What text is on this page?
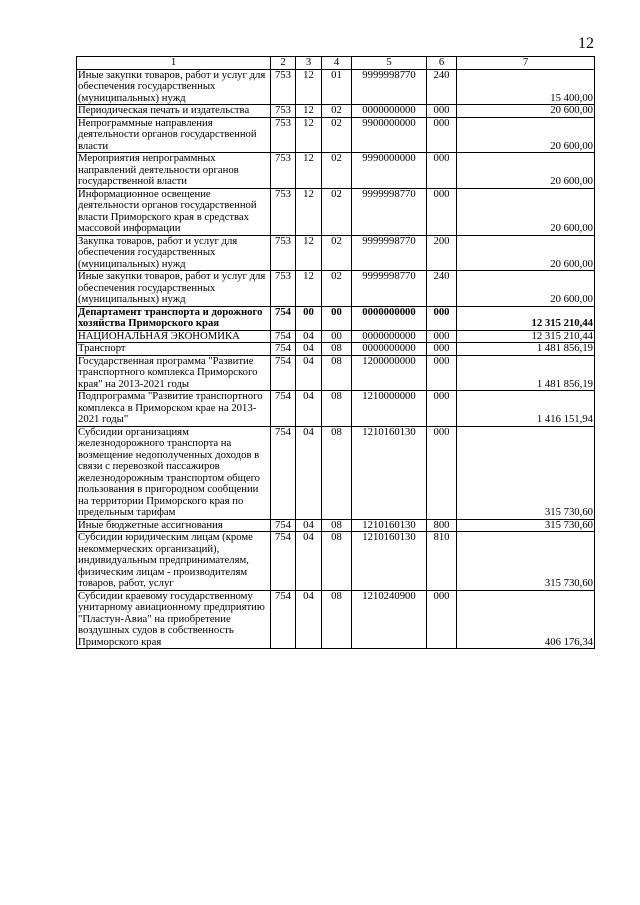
12
1	2	3	4	5	6	7
Иные закупки товаров, работ и услуг для обеспечения государственных (муниципальных) нужд	753	12	01	9999998770	240	15 400,00
Периодическая печать и издательства	753	12	02	0000000000	000	20 600,00
Непрограммные направления деятельности органов государственной власти	753	12	02	9900000000	000	20 600,00
Мероприятия непрограммных направлений деятельности органов государственной власти	753	12	02	9990000000	000	20 600,00
Информационное освещение деятельности органов государственной власти Приморского края в средствах массовой информации	753	12	02	9999998770	000	20 600,00
Закупка товаров, работ и услуг для обеспечения государственных (муниципальных) нужд	753	12	02	9999998770	200	20 600,00
Иные закупки товаров, работ и услуг для обеспечения государственных (муниципальных) нужд	753	12	02	9999998770	240	20 600,00
Департамент транспорта и дорожного хозяйства Приморского края	754	00	00	0000000000	000	12 315 210,44
НАЦИОНАЛЬНАЯ ЭКОНОМИКА	754	04	00	0000000000	000	12 315 210,44
Транспорт	754	04	08	0000000000	000	1 481 856,19
Государственная программа "Развитие транспортного комплекса Приморского края" на 2013-2021 годы	754	04	08	1200000000	000	1 481 856,19
Подпрограмма "Развитие транспортного комплекса в Приморском крае на 2013-2021 годы"	754	04	08	1210000000	000	1 416 151,94
Субсидии организациям железнодорожного транспорта на возмещение недополученных доходов в связи с перевозкой пассажиров железнодорожным транспортом общего пользования в пригородном сообщении на территории Приморского края по предельным тарифам	754	04	08	1210160130	000	315 730,60
Иные бюджетные ассигнования	754	04	08	1210160130	800	315 730,60
Субсидии юридическим лицам (кроме некоммерческих организаций), индивидуальным предпринимателям, физическим лицам - производителям товаров, работ, услуг	754	04	08	1210160130	810	315 730,60
Субсидии краевому государственному унитарному авиационному предприятию "Пластун-Авиа" на приобретение воздушных судов в собственность Приморского края	754	04	08	1210240900	000	406 176,34
